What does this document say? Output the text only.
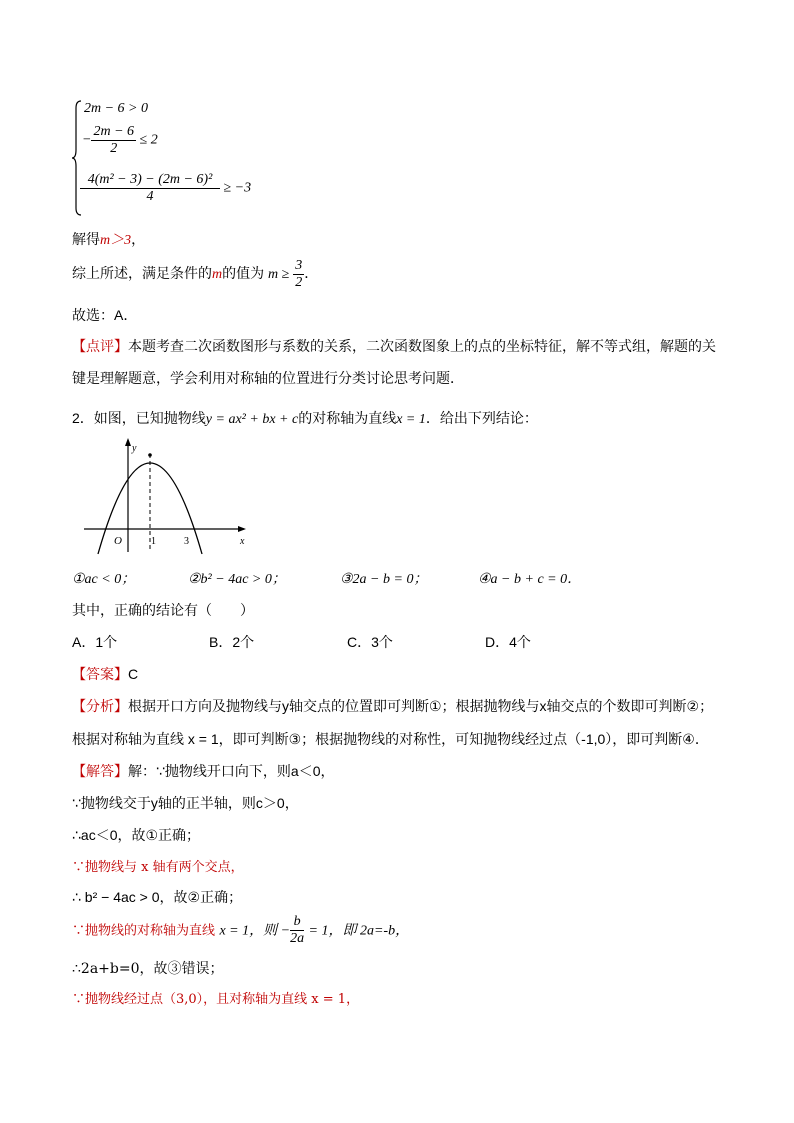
2m − 6 > 0
− $\frac{2m - 6}{2} \le 2$
$\frac{\text{4(m² − 3) − (2m − 6)²}}{4} \ge -3$
解得m＞3，
综上所述，满足条件的m的值为 $m \ge \frac{3}{2}$ ．
故选：A．
【点评】本题考查二次函数图形与系数的关系，二次函数图象上的点的坐标特征，解不等式组，解题的关
键是理解题意，学会利用对称轴的位置进行分类讨论思考问题．
2．如图，已知抛物线y = ax² + bx + c的对称轴为直线x = 1．给出下列结论：
y
x
O	1	3
①ac < 0；	②b² − 4ac > 0；	③2a − b = 0；	④a − b + c = 0．
其中，正确的结论有（　　）
A．1个	B．2个	C．3个	D．4个
【答案】C
【分析】根据开口方向及抛物线与y轴交点的位置即可判断①；根据抛物线与x轴交点的个数即可判断②；
根据对称轴为直线 x = 1，即可判断③；根据抛物线的对称性，可知抛物线经过点（-1,0），即可判断④．
【解答】解：∵抛物线开口向下，则a＜0，
∵抛物线交于y轴的正半轴，则c＞0，
∴ac＜0，故①正确；
∵抛物线与 x 轴有两个交点，
∴ b² − 4ac > 0，故②正确；
∵抛物线的对称轴为直线 x = 1，则 − $\frac{b}{2a} = 1$，即 2a=-b，
∴2a+b=0，故③错误；
∵抛物线经过点（3,0），且对称轴为直线 x = 1，
